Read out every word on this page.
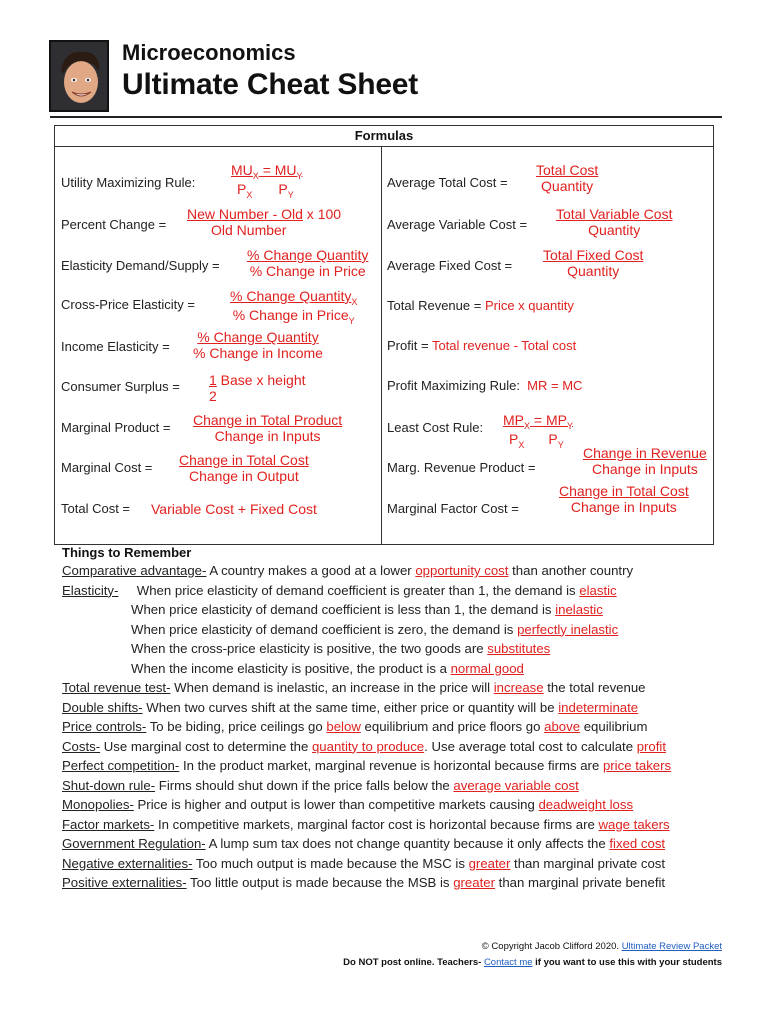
Microeconomics
Ultimate Cheat Sheet
Formulas
Utility Maximizing Rule:
$MU_X = MU_Y$
$P_X$ $P_Y$
Percent Change =
New Number - Old x 100
Old Number
Elasticity Demand/Supply =
% Change Quantity
% Change in Price
Cross-Price Elasticity =
% Change Quantity$_X$
% Change in Price$_Y$
Income Elasticity =
% Change Quantity
% Change in Income
Consumer Surplus = 1 Base x height
2
Marginal Product = Change in Total Product
Change in Inputs
Marginal Cost = Change in Total Cost
Change in Output
Total Cost = Variable Cost + Fixed Cost
Average Total Cost =
Total Cost
Quantity
Average Variable Cost =
Total Variable Cost
Quantity
Average Fixed Cost =
Total Fixed Cost
Quantity
Total Revenue = Price x quantity
Profit = Total revenue - Total cost
Profit Maximizing Rule: MR = MC
Least Cost Rule: $MP_X = MP_Y$
$P_X$ $P_Y$
Marg. Revenue Product =
Change in Revenue
Change in Inputs
Marginal Factor Cost =
Change in Total Cost
Change in Inputs
Things to Remember
Comparative advantage- A country makes a good at a lower opportunity cost than another country
Elasticity-     When price elasticity of demand coefficient is greater than 1, the demand is elastic
When price elasticity of demand coefficient is less than 1, the demand is inelastic
When price elasticity of demand coefficient is zero, the demand is perfectly inelastic
When the cross-price elasticity is positive, the two goods are substitutes
When the income elasticity is positive, the product is a normal good
Total revenue test- When demand is inelastic, an increase in the price will increase the total revenue
Double shifts- When two curves shift at the same time, either price or quantity will be indeterminate
Price controls- To be biding, price ceilings go below equilibrium and price floors go above equilibrium
Costs- Use marginal cost to determine the quantity to produce. Use average total cost to calculate profit
Perfect competition- In the product market, marginal revenue is horizontal because firms are price takers
Shut-down rule- Firms should shut down if the price falls below the average variable cost
Monopolies- Price is higher and output is lower than competitive markets causing deadweight loss
Factor markets- In competitive markets, marginal factor cost is horizontal because firms are wage takers
Government Regulation- A lump sum tax does not change quantity because it only affects the fixed cost
Negative externalities- Too much output is made because the MSC is greater than marginal private cost
Positive externalities- Too little output is made because the MSB is greater than marginal private benefit
© Copyright Jacob Clifford 2020. Ultimate Review Packet
Do NOT post online. Teachers- Contact me if you want to use this with your students
